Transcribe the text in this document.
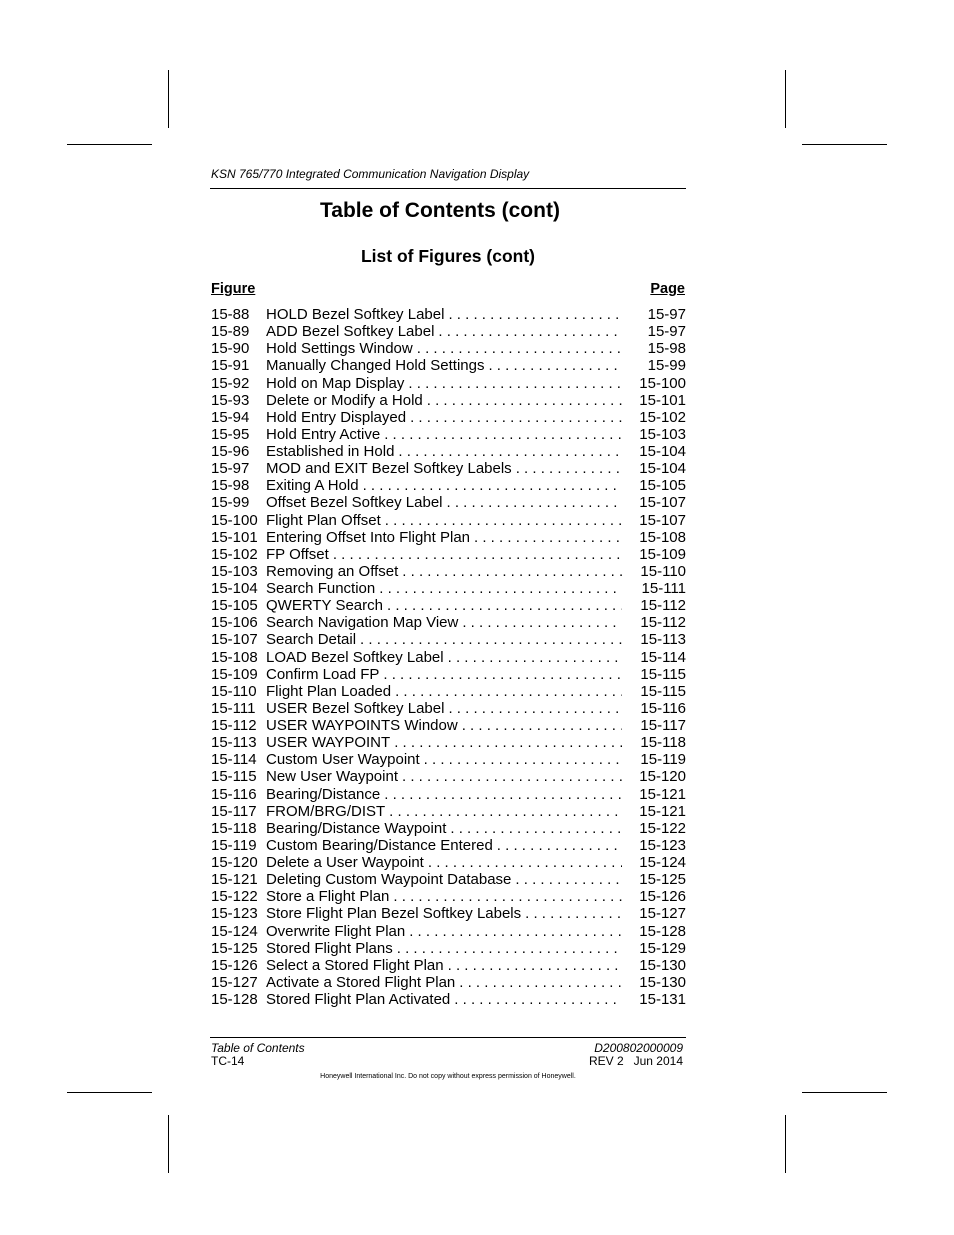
KSN 765/770 Integrated Communication Navigation Display
Table of Contents (cont)
List of Figures (cont)
Figure	Page
15-88	HOLD Bezel Softkey Label . . .	15-97
15-89	ADD Bezel Softkey Label . . .	15-97
15-90	Hold Settings Window . . .	15-98
15-91	Manually Changed Hold Settings . . .	15-99
15-92	Hold on Map Display . . .	15-100
15-93	Delete or Modify a Hold . . .	15-101
15-94	Hold Entry Displayed . . .	15-102
15-95	Hold Entry Active . . .	15-103
15-96	Established in Hold . . .	15-104
15-97	MOD and EXIT Bezel Softkey Labels . . .	15-104
15-98	Exiting A Hold . . .	15-105
15-99	Offset Bezel Softkey Label . . .	15-107
15-100 Flight Plan Offset . . .	15-107
15-101 Entering Offset Into Flight Plan . . .	15-108
15-102 FP Offset . . .	15-109
15-103 Removing an Offset . . .	15-110
15-104 Search Function . . .	15-111
15-105 QWERTY Search . . .	15-112
15-106 Search Navigation Map View . . .	15-112
15-107 Search Detail . . .	15-113
15-108 LOAD Bezel Softkey Label . . .	15-114
15-109 Confirm Load FP . . .	15-115
15-110 Flight Plan Loaded . . .	15-115
15-111 USER Bezel Softkey Label . . .	15-116
15-112 USER WAYPOINTS Window . . .	15-117
15-113 USER WAYPOINT . . .	15-118
15-114 Custom User Waypoint . . .	15-119
15-115 New User Waypoint . . .	15-120
15-116 Bearing/Distance . . .	15-121
15-117 FROM/BRG/DIST . . .	15-121
15-118 Bearing/Distance Waypoint . . .	15-122
15-119 Custom Bearing/Distance Entered . . .	15-123
15-120 Delete a User Waypoint . . .	15-124
15-121 Deleting Custom Waypoint Database . . .	15-125
15-122 Store a Flight Plan . . .	15-126
15-123 Store Flight Plan Bezel Softkey Labels . . .	15-127
15-124 Overwrite Flight Plan . . .	15-128
15-125 Stored Flight Plans . . .	15-129
15-126 Select a Stored Flight Plan . . .	15-130
15-127 Activate a Stored Flight Plan . . .	15-130
15-128 Stored Flight Plan Activated . . .	15-131
Table of Contents
TC-14
D200802000009
REV 2   Jun 2014
Honeywell International Inc. Do not copy without express permission of Honeywell.
